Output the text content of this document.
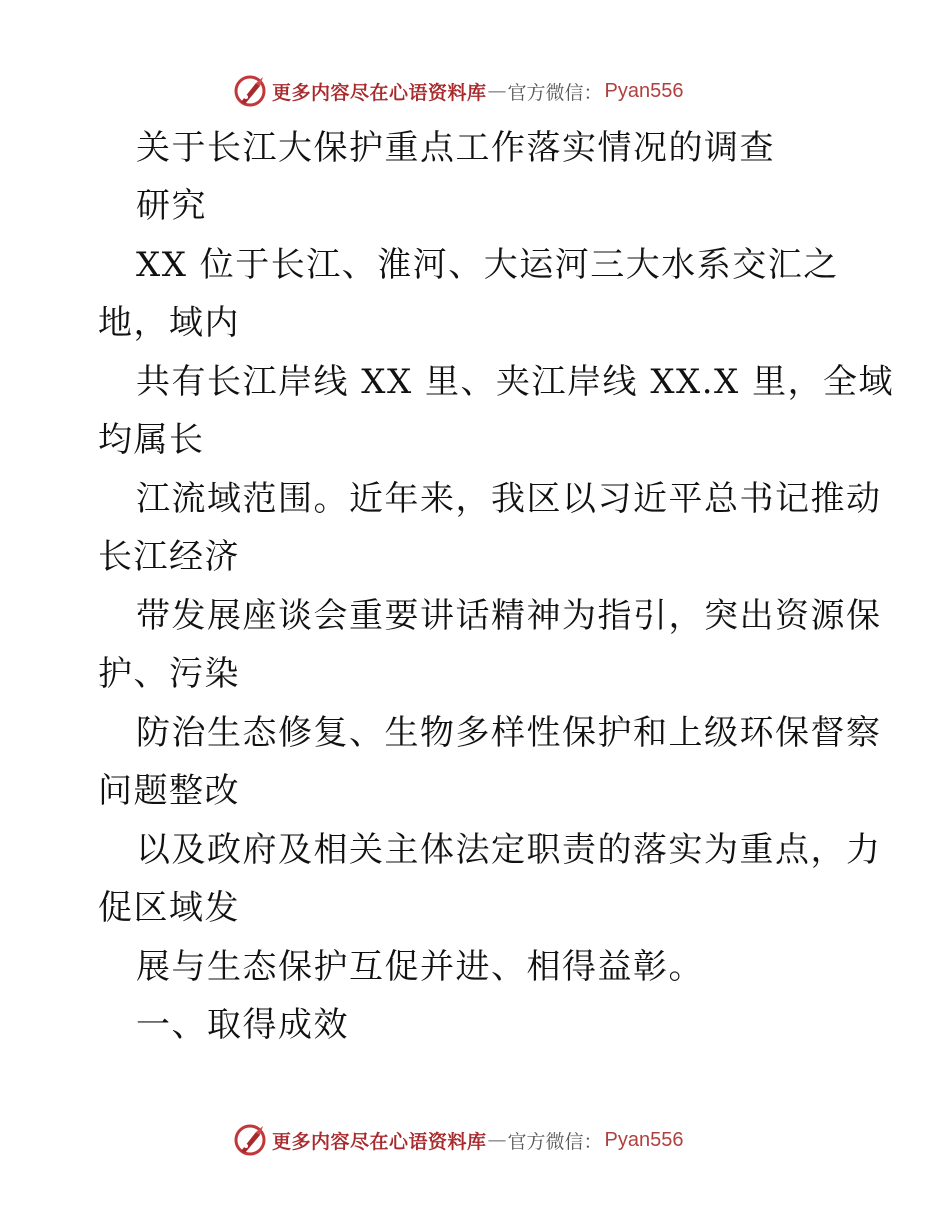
更多内容尽在心语资料库 — 官方微信： Pyan556

关于长江大保护重点工作落实情况的调查

研究

XX 位于长江、淮河、大运河三大水系交汇之

地，域内

共有长江岸线 XX 里、夹江岸线 XX.X 里，全域

均属长

江流域范围。近年来，我区以习近平总书记推动

长江经济

带发展座谈会重要讲话精神为指引，突出资源保

护、污染

防治生态修复、生物多样性保护和上级环保督察

问题整改

以及政府及相关主体法定职责的落实为重点，力

促区域发

展与生态保护互促并进、相得益彰。

一、取得成效

更多内容尽在心语资料库 — 官方微信： Pyan556
